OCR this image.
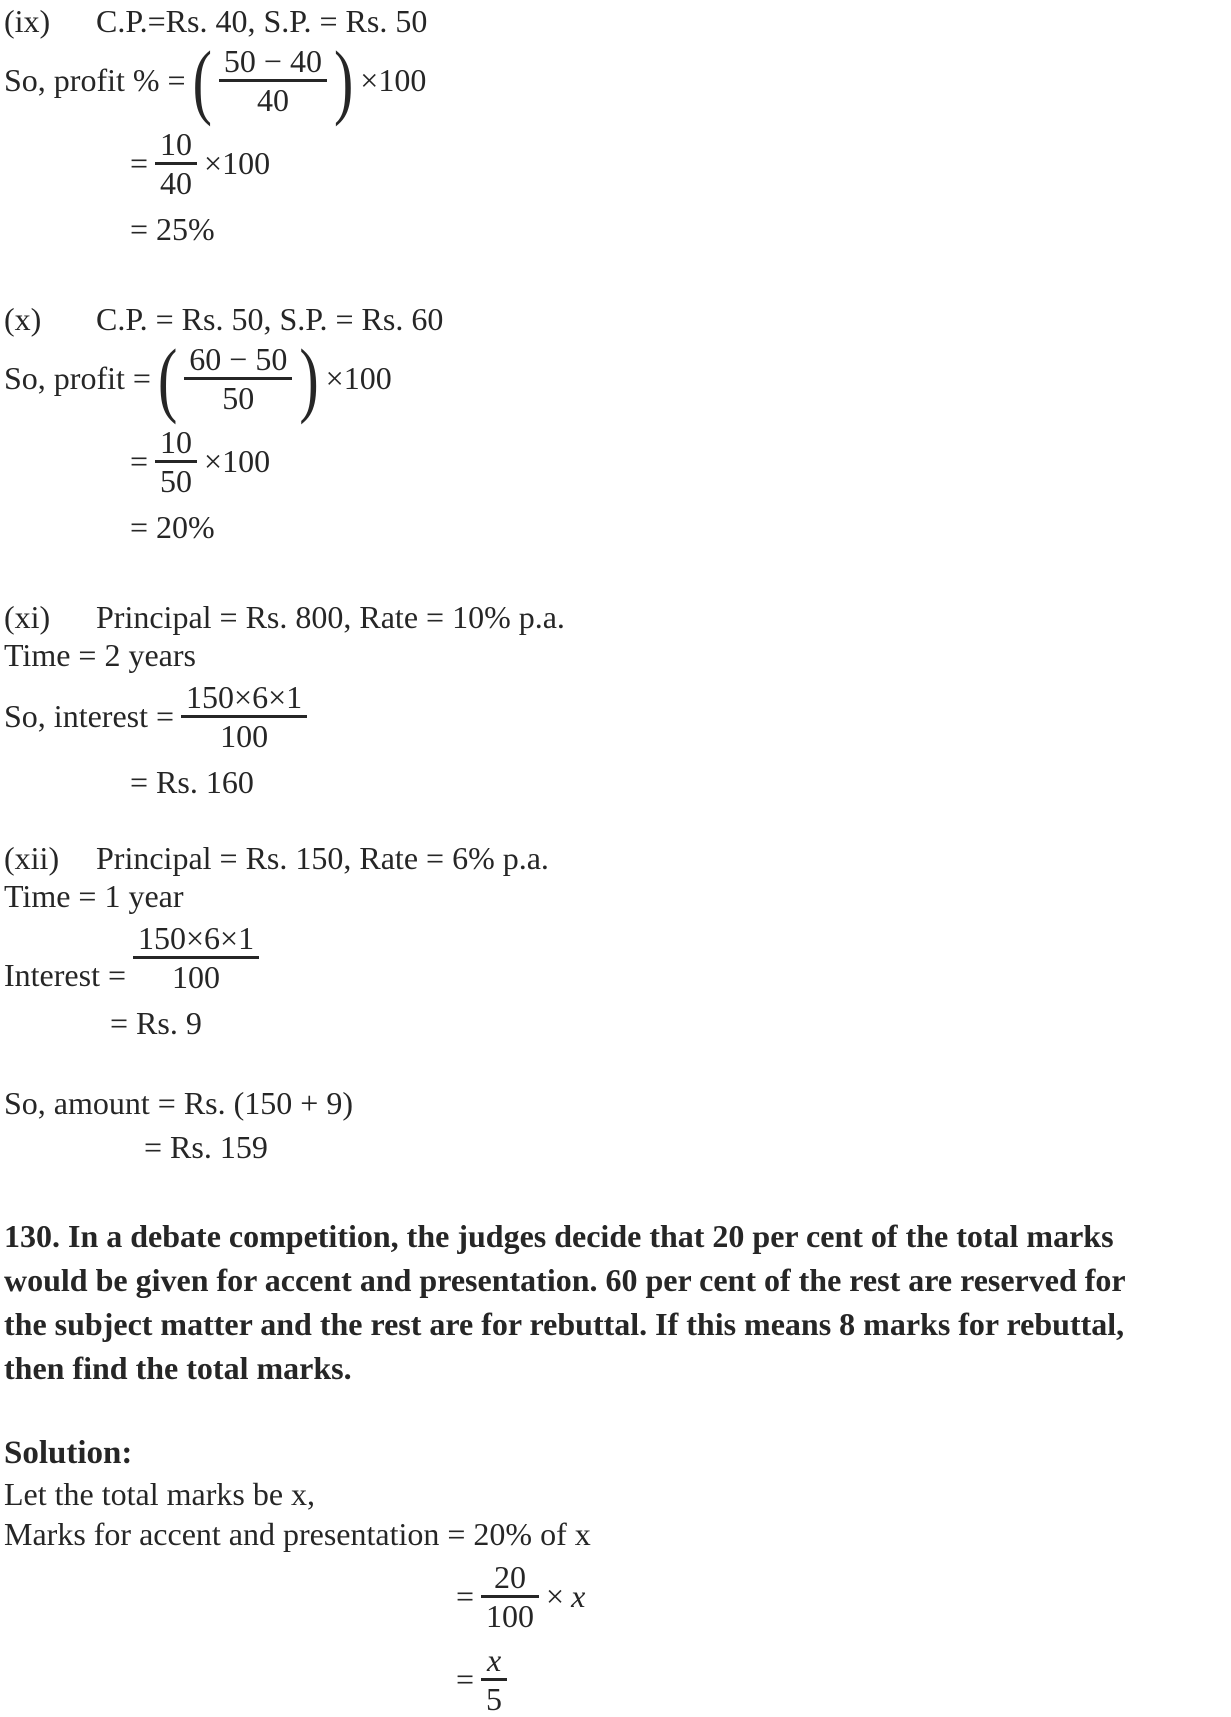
(ix)	C.P.=Rs. 40, S.P. = Rs. 50
So, profit % = ( $\frac{50 - 40}{40}$ ) ×100
= $\frac{10}{40} \times 100$
= 25%
(x)	C.P. = Rs. 50, S.P. = Rs. 60
So, profit = ( $\frac{60 - 50}{50}$ ) ×100
= $\frac{10}{50} \times 100$
= 20%
(xi)	Principal = Rs. 800, Rate = 10% p.a.
Time = 2 years
So, interest = $\frac{150\times 6\times 1}{100}$
= Rs. 160
(xii)	Principal = Rs. 150, Rate = 6% p.a.
Time = 1 year
Interest = $\frac{150\times 6\times 1}{100}$
= Rs. 9
So, amount = Rs. (150 + 9)
= Rs. 159

130. In a debate competition, the judges decide that 20 per cent of the total marks would be given for accent and presentation. 60 per cent of the rest are reserved for the subject matter and the rest are for rebuttal. If this means 8 marks for rebuttal, then find the total marks.

Solution:
Let the total marks be x,
Marks for accent and presentation = 20% of x
= $\frac{20}{100} \times x$
= $\frac{x}{5}$
